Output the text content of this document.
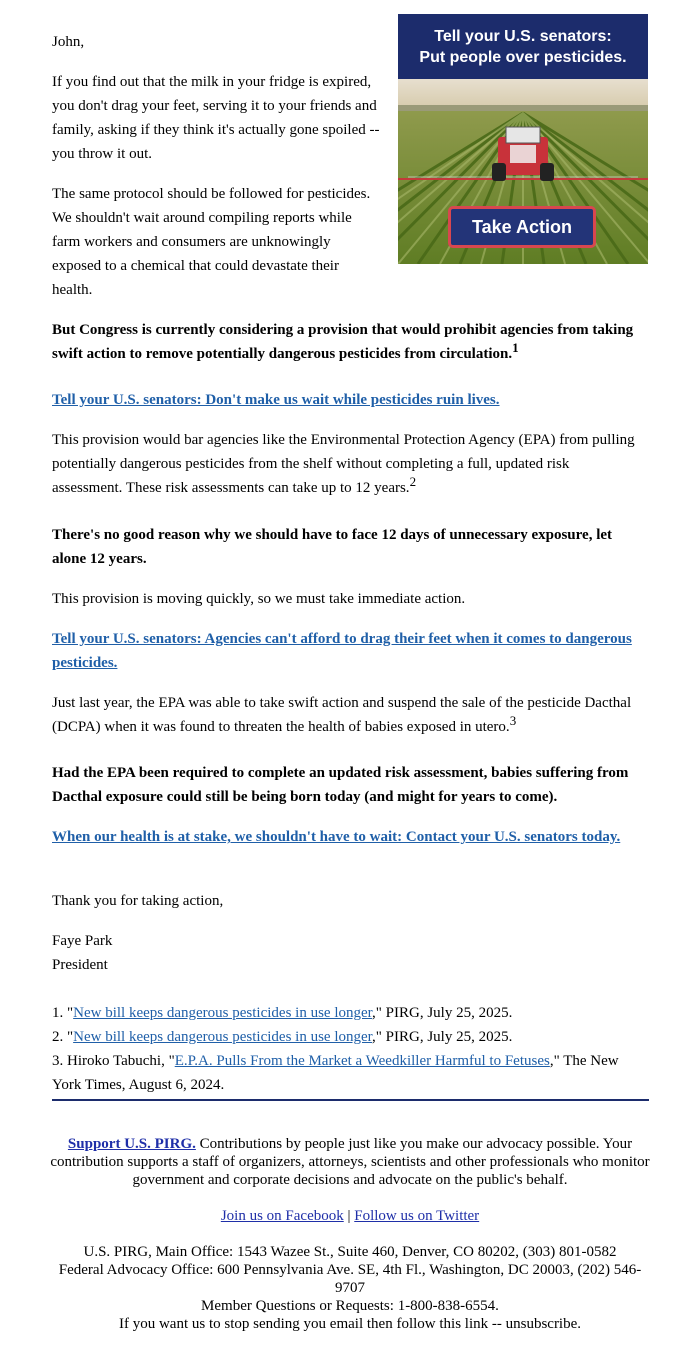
Tell your U.S. senators:
Put people over pesticides.
Take Action

John,

If you find out that the milk in your fridge is expired, you don't drag your feet, serving it to your friends and family, asking if they think it's actually gone spoiled -- you throw it out.

The same protocol should be followed for pesticides. We shouldn't wait around compiling reports while farm workers and consumers are unknowingly exposed to a chemical that could devastate their health.

But Congress is currently considering a provision that would prohibit agencies from taking swift action to remove potentially dangerous pesticides from circulation.$^1$

Tell your U.S. senators: Don't make us wait while pesticides ruin lives.

This provision would bar agencies like the Environmental Protection Agency (EPA) from pulling potentially dangerous pesticides from the shelf without completing a full, updated risk assessment. These risk assessments can take up to 12 years.$^2$

There's no good reason why we should have to face 12 days of unnecessary exposure, let alone 12 years.

This provision is moving quickly, so we must take immediate action.

Tell your U.S. senators: Agencies can't afford to drag their feet when it comes to dangerous pesticides.

Just last year, the EPA was able to take swift action and suspend the sale of the pesticide Dacthal (DCPA) when it was found to threaten the health of babies exposed in utero.$^3$

Had the EPA been required to complete an updated risk assessment, babies suffering from Dacthal exposure could still be being born today (and might for years to come).

When our health is at stake, we shouldn't have to wait: Contact your U.S. senators today.

Thank you for taking action,

Faye Park

President

1. "New bill keeps dangerous pesticides in use longer," PIRG, July 25, 2025.

2. "New bill keeps dangerous pesticides in use longer," PIRG, July 25, 2025.

3. Hiroko Tabuchi, "E.P.A. Pulls From the Market a Weedkiller Harmful to Fetuses," The New York Times, August 6, 2024.

Support U.S. PIRG. Contributions by people just like you make our advocacy possible. Your contribution supports a staff of organizers, attorneys, scientists and other professionals who monitor government and corporate decisions and advocate on the public's behalf.

Join us on Facebook | Follow us on Twitter

U.S. PIRG, Main Office: 1543 Wazee St., Suite 460, Denver, CO 80202, (303) 801-0582

Federal Advocacy Office: 600 Pennsylvania Ave. SE, 4th Fl., Washington, DC 20003, (202) 546-9707

Member Questions or Requests: 1-800-838-6554.

If you want us to stop sending you email then follow this link -- unsubscribe.
